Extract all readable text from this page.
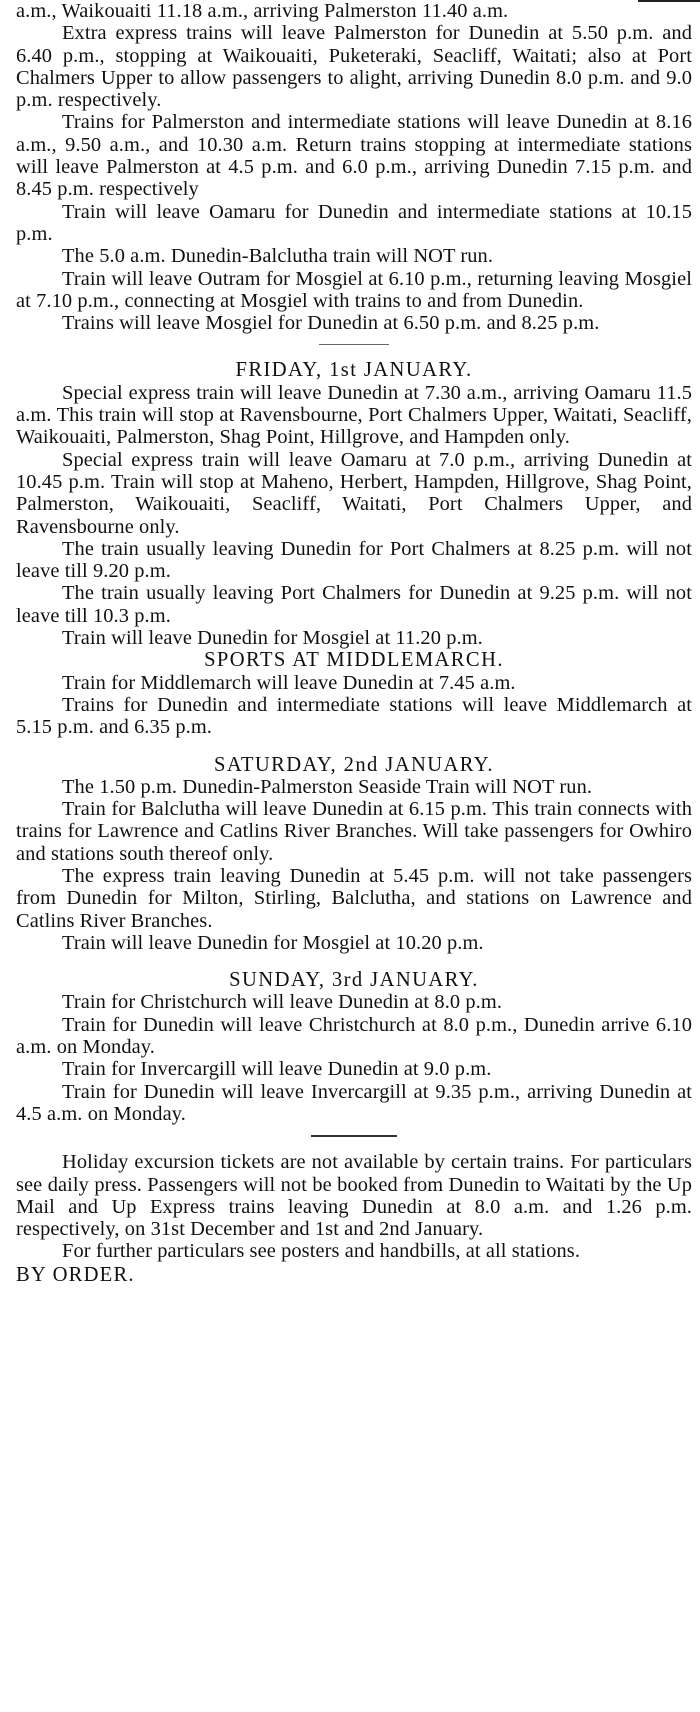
a.m., Waikouaiti 11.18 a.m., arriving Palmerston 11.40 a.m.

Extra express trains will leave Palmerston for Dunedin at 5.50 p.m. and 6.40 p.m., stopping at Waikouaiti, Puketeraki, Seacliff, Waitati; also at Port Chalmers Upper to allow passengers to alight, arriving Dunedin 8.0 p.m. and 9.0 p.m. respectively.

Trains for Palmerston and intermediate stations will leave Dunedin at 8.16 a.m., 9.50 a.m., and 10.30 a.m. Return trains stopping at intermediate stations will leave Palmerston at 4.5 p.m. and 6.0 p.m., arriving Dunedin 7.15 p.m. and 8.45 p.m. respectively

Train will leave Oamaru for Dunedin and intermediate stations at 10.15 p.m.

The 5.0 a.m. Dunedin-Balclutha train will NOT run.

Train will leave Outram for Mosgiel at 6.10 p.m., returning leaving Mosgiel at 7.10 p.m., connecting at Mosgiel with trains to and from Dunedin.

Trains will leave Mosgiel for Dunedin at 6.50 p.m. and 8.25 p.m.

FRIDAY, 1st JANUARY.

Special express train will leave Dunedin at 7.30 a.m., arriving Oamaru 11.5 a.m. This train will stop at Ravensbourne, Port Chalmers Upper, Waitati, Seacliff, Waikouaiti, Palmerston, Shag Point, Hillgrove, and Hampden only.

Special express train will leave Oamaru at 7.0 p.m., arriving Dunedin at 10.45 p.m. Train will stop at Maheno, Herbert, Hampden, Hillgrove, Shag Point, Palmerston, Waikouaiti, Seacliff, Waitati, Port Chalmers Upper, and Ravensbourne only.

The train usually leaving Dunedin for Port Chalmers at 8.25 p.m. will not leave till 9.20 p.m.

The train usually leaving Port Chalmers for Dunedin at 9.25 p.m. will not leave till 10.3 p.m.

Train will leave Dunedin for Mosgiel at 11.20 p.m.

SPORTS AT MIDDLEMARCH.

Train for Middlemarch will leave Dunedin at 7.45 a.m.

Trains for Dunedin and intermediate stations will leave Middlemarch at 5.15 p.m. and 6.35 p.m.

SATURDAY, 2nd JANUARY.

The 1.50 p.m. Dunedin-Palmerston Seaside Train will NOT run.

Train for Balclutha will leave Dunedin at 6.15 p.m. This train connects with trains for Lawrence and Catlins River Branches. Will take passengers for Owhiro and stations south thereof only.

The express train leaving Dunedin at 5.45 p.m. will not take passengers from Dunedin for Milton, Stirling, Balclutha, and stations on Lawrence and Catlins River Branches.

Train will leave Dunedin for Mosgiel at 10.20 p.m.

SUNDAY, 3rd JANUARY.

Train for Christchurch will leave Dunedin at 8.0 p.m.

Train for Dunedin will leave Christchurch at 8.0 p.m., Dunedin arrive 6.10 a.m. on Monday.

Train for Invercargill will leave Dunedin at 9.0 p.m.

Train for Dunedin will leave Invercargill at 9.35 p.m., arriving Dunedin at 4.5 a.m. on Monday.

Holiday excursion tickets are not available by certain trains. For particulars see daily press. Passengers will not be booked from Dunedin to Waitati by the Up Mail and Up Express trains leaving Dunedin at 8.0 a.m. and 1.26 p.m. respectively, on 31st December and 1st and 2nd January.

For further particulars see posters and handbills, at all stations.

BY ORDER.
